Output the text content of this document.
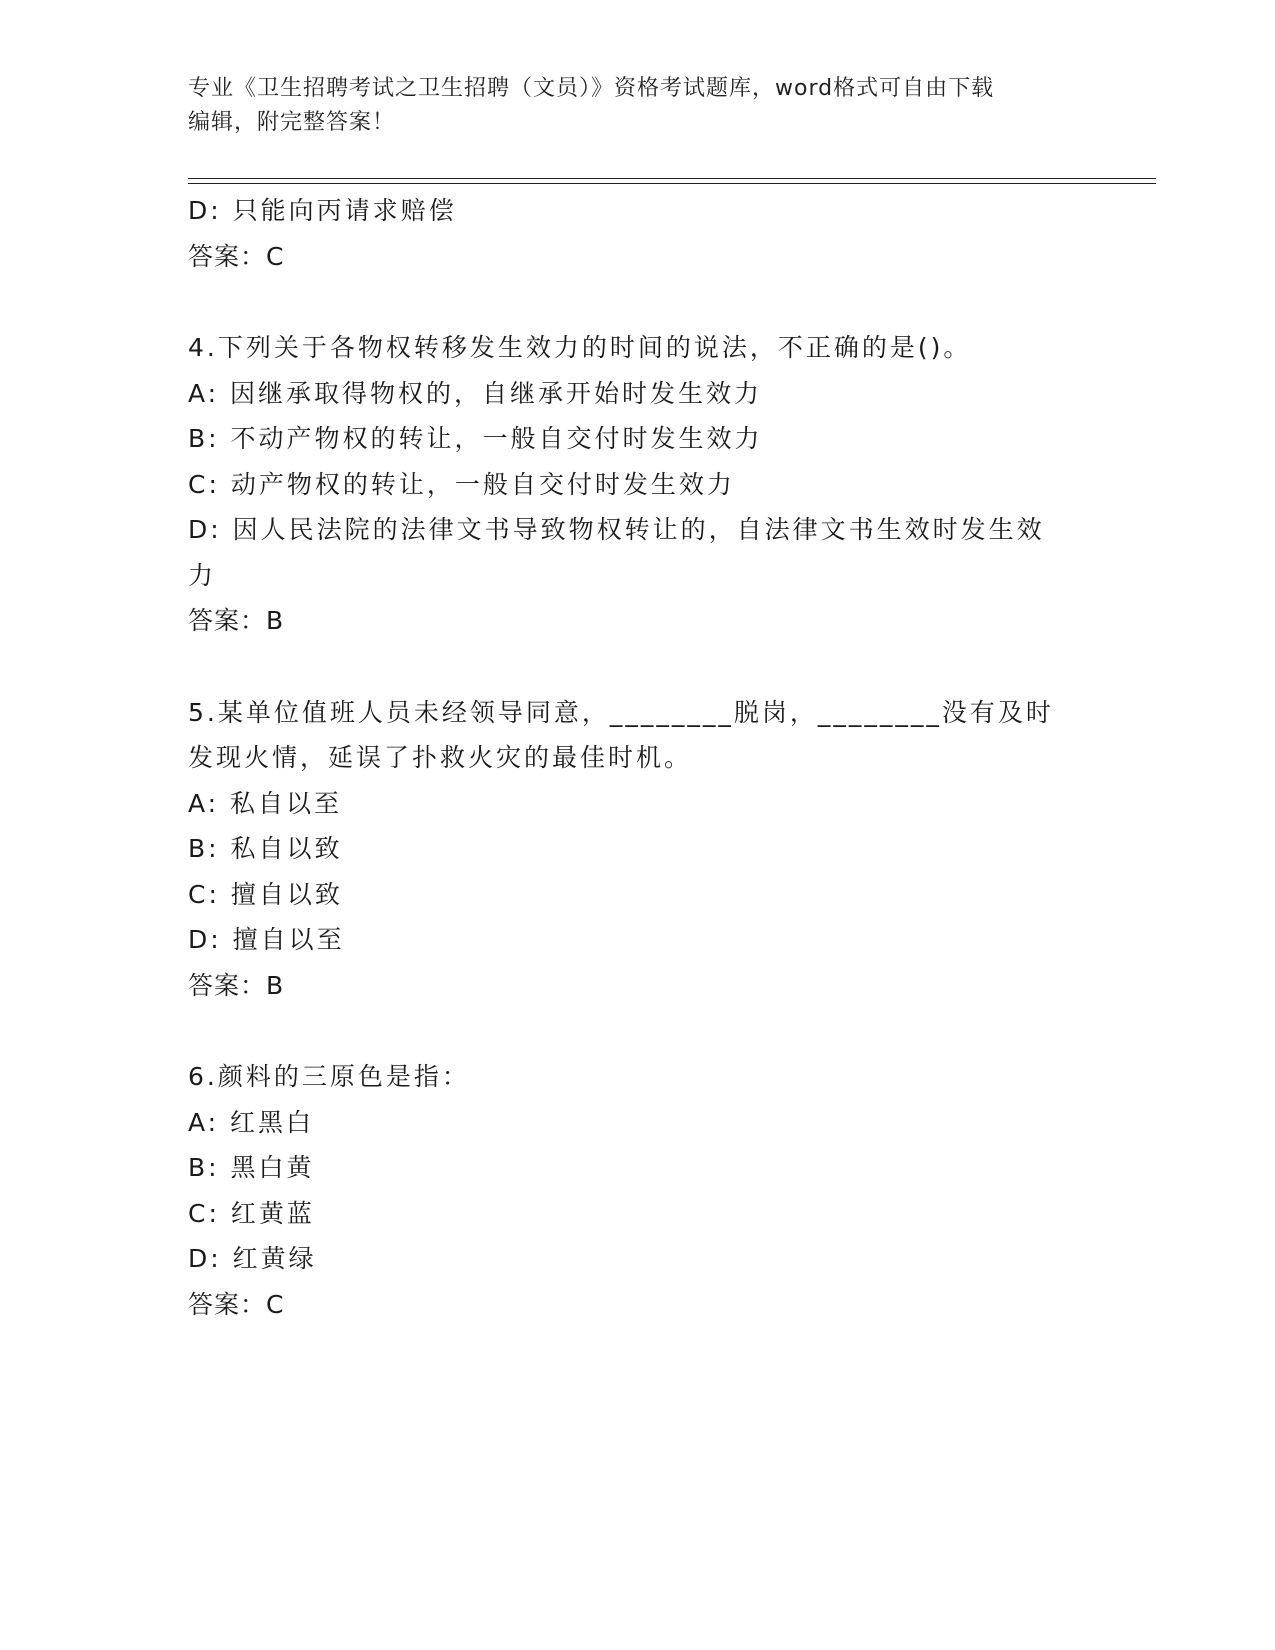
专业《卫生招聘考试之卫生招聘（文员）》资格考试题库，word格式可自由下载
编辑，附完整答案！
D: 只能向丙请求赔偿
答案：C
4.下列关于各物权转移发生效力的时间的说法，不正确的是()。
A: 因继承取得物权的，自继承开始时发生效力
B: 不动产物权的转让，一般自交付时发生效力
C: 动产物权的转让，一般自交付时发生效力
D: 因人民法院的法律文书导致物权转让的，自法律文书生效时发生效
力
答案：B
5.某单位值班人员未经领导同意，________脱岗，________没有及时
发现火情，延误了扑救火灾的最佳时机。
A: 私自以至
B: 私自以致
C: 擅自以致
D: 擅自以至
答案：B
6.颜料的三原色是指：
A: 红黑白
B: 黑白黄
C: 红黄蓝
D: 红黄绿
答案：C
